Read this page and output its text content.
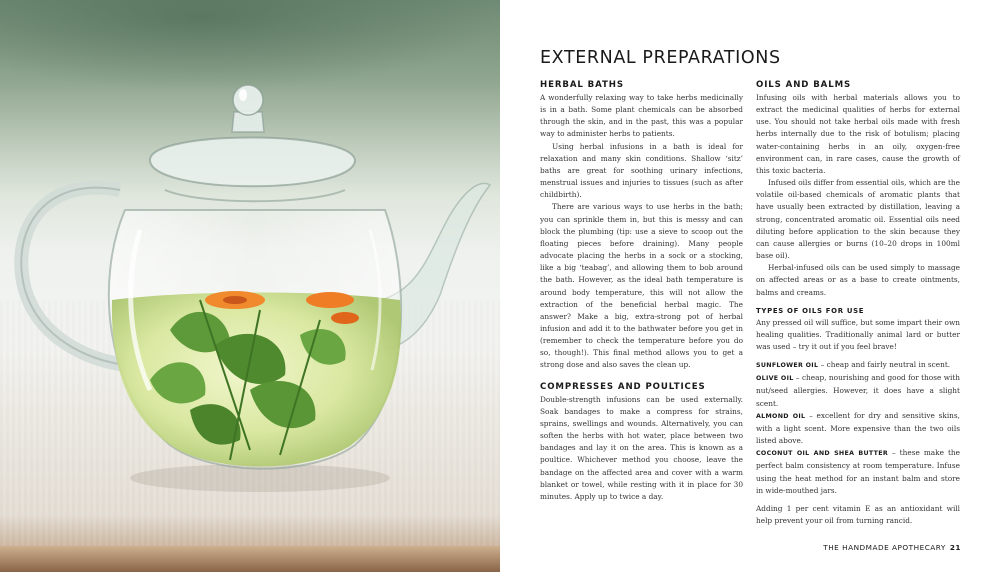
EXTERNAL PREPARATIONS
HERBAL BATHS

A wonderfully relaxing way to take herbs medicinally is in a bath. Some plant chemicals can be absorbed through the skin, and in the past, this was a popular way to administer herbs to patients.

Using herbal infusions in a bath is ideal for relaxation and many skin conditions. Shallow ‘sitz’ baths are great for soothing urinary infections, menstrual issues and injuries to tissues (such as after childbirth).

There are various ways to use herbs in the bath; you can sprinkle them in, but this is messy and can block the plumbing (tip: use a sieve to scoop out the floating pieces before draining). Many people advocate placing the herbs in a sock or a stocking, like a big ‘teabag’, and allowing them to bob around the bath. However, as the ideal bath temperature is around body temperature, this will not allow the extraction of the beneficial herbal magic. The answer? Make a big, extra-strong pot of herbal infusion and add it to the bathwater before you get in (remember to check the temperature before you do so, though!). This final method allows you to get a strong dose and also saves the clean up.

COMPRESSES AND POULTICES

Double-strength infusions can be used externally. Soak bandages to make a compress for strains, sprains, swellings and wounds. Alternatively, you can soften the herbs with hot water, place between two bandages and lay it on the area. This is known as a poultice. Whichever method you choose, leave the bandage on the affected area and cover with a warm blanket or towel, while resting with it in place for 30 minutes. Apply up to twice a day.

OILS AND BALMS

Infusing oils with herbal materials allows you to extract the medicinal qualities of herbs for external use. You should not take herbal oils made with fresh herbs internally due to the risk of botulism; placing water-containing herbs in an oily, oxygen-free environment can, in rare cases, cause the growth of this toxic bacteria.

Infused oils differ from essential oils, which are the volatile oil-based chemicals of aromatic plants that have usually been extracted by distillation, leaving a strong, concentrated aromatic oil. Essential oils need diluting before application to the skin because they can cause allergies or burns (10–20 drops in 100ml base oil).

Herbal-infused oils can be used simply to massage on affected areas or as a base to create ointments, balms and creams.

TYPES OF OILS FOR USE

Any pressed oil will suffice, but some impart their own healing qualities. Traditionally animal lard or butter was used – try it out if you feel brave!

SUNFLOWER OIL – cheap and fairly neutral in scent.

OLIVE OIL – cheap, nourishing and good for those with nut/seed allergies. However, it does have a slight scent.

ALMOND OIL – excellent for dry and sensitive skins, with a light scent. More expensive than the two oils listed above.

COCONUT OIL AND SHEA BUTTER – these make the perfect balm consistency at room temperature. Infuse using the heat method for an instant balm and store in wide-mouthed jars.

Adding 1 per cent vitamin E as an antioxidant will help prevent your oil from turning rancid.

THE HANDMADE APOTHECARY 21
